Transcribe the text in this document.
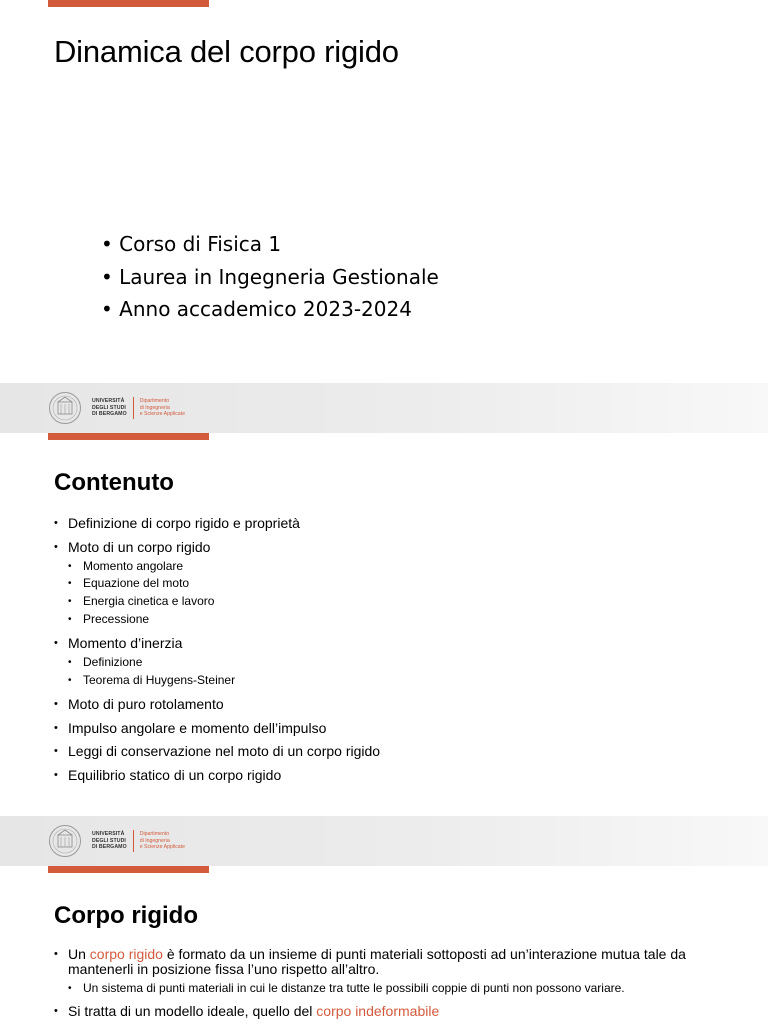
Dinamica del corpo rigido
• Corso di Fisica 1
• Laurea in Ingegneria Gestionale
• Anno accademico 2023-2024
UNIVERSITÀ
DEGLI STUDI
DI BERGAMO
Dipartimento
di Ingegneria
e Scienze Applicate
Contenuto
• Definizione di corpo rigido e proprietà
• Moto di un corpo rigido
• Momento angolare
• Equazione del moto
• Energia cinetica e lavoro
• Precessione
• Momento d’inerzia
• Definizione
• Teorema di Huygens-Steiner
• Moto di puro rotolamento
• Impulso angolare e momento dell’impulso
• Leggi di conservazione nel moto di un corpo rigido
• Equilibrio statico di un corpo rigido
UNIVERSITÀ
DEGLI STUDI
DI BERGAMO
Dipartimento
di Ingegneria
e Scienze Applicate
Corpo rigido
• Un corpo rigido è formato da un insieme di punti materiali sottoposti ad un’interazione mutua tale da mantenerli in posizione fissa l’uno rispetto all’altro.
• Un sistema di punti materiali in cui le distanze tra tutte le possibili coppie di punti non possono variare.
• Si tratta di un modello ideale, quello del corpo indeformabile
